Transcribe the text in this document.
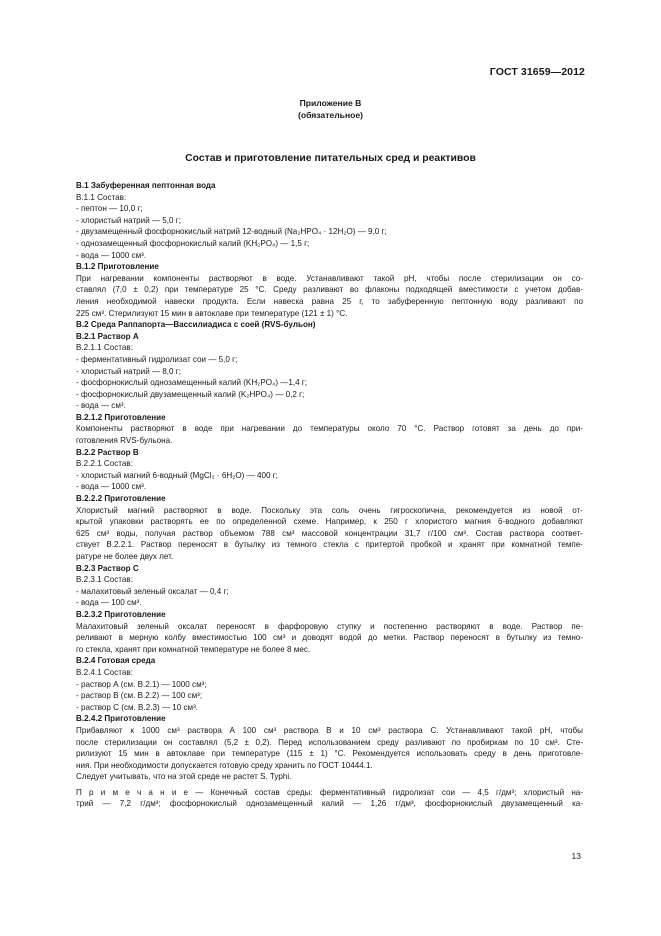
ГОСТ 31659—2012
Приложение В
(обязательное)
Состав и приготовление питательных сред и реактивов
В.1 Забуференная пептонная вода
В.1.1 Состав:
- пептон — 10,0 г;
- хлористый натрий — 5,0 г;
- двузамещенный фосфорнокислый натрий 12-водный (Na₂HPO₄ · 12H₂O) — 9,0 г;
- однозамещенный фосфорнокислый калий (KH₂PO₄) — 1,5 г;
- вода — 1000 см³.
В.1.2 Приготовление
При нагревании компоненты растворяют в воде. Устанавливают такой pH, чтобы после стерилизации он со-
ставлял (7,0 ± 0,2) при температуре 25 °С. Среду разливают во флаконы подходящей вместимости с учетом добав-
ления необходимой навески продукта. Если навеска равна 25 г, то забуференную пептонную воду разливают по
225 см³. Стерилизуют 15 мин в автоклаве при температуре (121 ± 1) °С.
В.2 Среда Раппапорта—Вассилиадиса с соей (RVS-бульон)
В.2.1 Раствор А
В.2.1.1 Состав:
- ферментативный гидролизат сои — 5,0 г;
- хлористый натрий — 8,0 г;
- фосфорнокислый однозамещенный калий (KH₂PO₄) —1,4 г;
- фосфорнокислый двузамещенный калий (K₂HPO₄) — 0,2 г;
- вода — см³.
В.2.1.2 Приготовление
Компоненты растворяют в воде при нагревании до температуры около 70 °С. Раствор готовят за день до при-
готовления RVS-бульона.
В.2.2 Раствор В
В.2.2.1 Состав:
- хлористый магний 6-водный (MgCl₂ · 6H₂O) — 400 г;
- вода — 1000 см³.
В.2.2.2 Приготовление
Хлористый магний растворяют в воде. Поскольку эта соль очень гигроскопична, рекомендуется из новой от-
крытой упаковки растворять ее по определенной схеме. Например, к 250 г хлористого магния 6-водного добавляют
625 см³ воды, получая раствор объемом 788 см³ массовой концентрации 31,7 г/100 см³. Состав раствора соответ-
ствует В.2.2.1. Раствор переносят в бутылку из темного стекла с притертой пробкой и хранят при комнатной темпе-
ратуре не более двух лет.
В.2.3 Раствор С
В.2.3.1 Состав:
- малахитовый зеленый оксалат — 0,4 г;
- вода — 100 см³.
В.2.3.2 Приготовление
Малахитовый зеленый оксалат переносят в фарфоровую ступку и постепенно растворяют в воде. Раствор пе-
реливают в мерную колбу вместимостью 100 см³ и доводят водой до метки. Раствор переносят в бутылку из темно-
го стекла, хранят при комнатной температуре не более 8 мес.
В.2.4 Готовая среда
В.2.4.1 Состав:
- раствор А (см. В.2.1) — 1000 см³;
- раствор В (см. В.2.2) — 100 см³;
- раствор С (см. В.2.3) — 10 см³.
В.2.4.2 Приготовление
Прибавляют к 1000 см³ раствора А 100 см³ раствора В и 10 см³ раствора С. Устанавливают такой pH, чтобы
после стерилизации он составлял (5,2 ± 0,2). Перед использованием среду разливают по пробиркам по 10 см³. Сте-
рилизуют 15 мин в автоклаве при температуре (115 ± 1) °С. Рекомендуется использовать среду в день приготовле-
ния. При необходимости допускается готовую среду хранить по ГОСТ 10444.1.
Следует учитывать, что на этой среде не растет S. Typhi.
П р и м е ч а н и е — Конечный состав среды: ферментативный гидролизат сои — 4,5 г/дм³; хлористый на-
трий — 7,2 г/дм³; фосфорнокислый однозамещенный калий — 1,26 г/дм³, фосфорнокислый двузамещенный ка-
13
